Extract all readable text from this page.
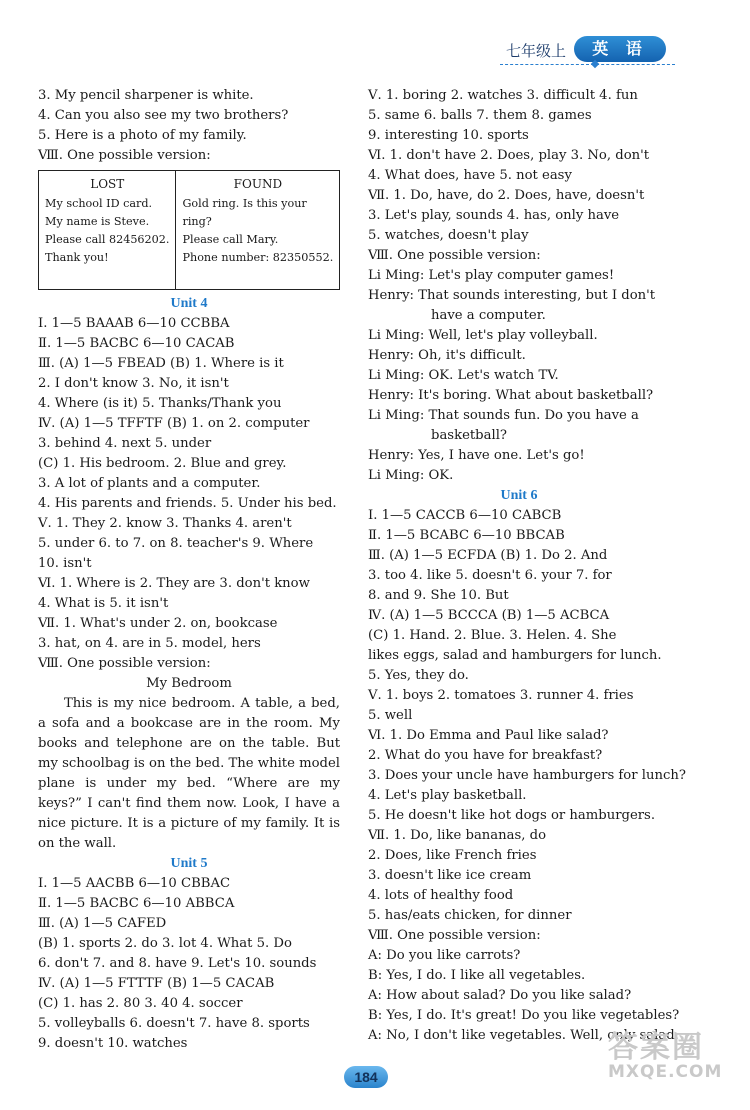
七年级上	英 语
3. My pencil sharpener is white.
4. Can you also see my two brothers?
5. Here is a photo of my family.
Ⅷ. One possible version:
LOST
My school ID card.
My name is Steve.
Please call 82456202.
Thank you!
FOUND
Gold ring. Is this your
ring?
Please call Mary.
Phone number: 82350552.
Unit 4
Ⅰ. 1—5 BAAAB 6—10 CCBBA
Ⅱ. 1—5 BACBC 6—10 CACAB
Ⅲ. (A) 1—5 FBEAD (B) 1. Where is it
2. I don't know 3. No, it isn't
4. Where (is it) 5. Thanks/Thank you
Ⅳ. (A) 1—5 TFFTF (B) 1. on 2. computer
3. behind 4. next 5. under
(C) 1. His bedroom. 2. Blue and grey.
3. A lot of plants and a computer.
4. His parents and friends. 5. Under his bed.
Ⅴ. 1. They 2. know 3. Thanks 4. aren't
5. under 6. to 7. on 8. teacher's 9. Where
10. isn't
Ⅵ. 1. Where is 2. They are 3. don't know
4. What is 5. it isn't
Ⅶ. 1. What's under 2. on, bookcase
3. hat, on 4. are in 5. model, hers
Ⅷ. One possible version:
My Bedroom

This is my nice bedroom. A table, a bed, a sofa and a bookcase are in the room. My books and telephone are on the table. But my schoolbag is on the bed. The white model plane is under my bed. “Where are my keys?” I can't find them now. Look, I have a nice picture. It is a picture of my family. It is on the wall.

Unit 5
Ⅰ. 1—5 AACBB 6—10 CBBAC
Ⅱ. 1—5 BACBC 6—10 ABBCA
Ⅲ. (A) 1—5 CAFED
(B) 1. sports 2. do 3. lot 4. What 5. Do
6. don't 7. and 8. have 9. Let's 10. sounds
Ⅳ. (A) 1—5 FTTTF (B) 1—5 CACAB
(C) 1. has 2. 80 3. 40 4. soccer
5. volleyballs 6. doesn't 7. have 8. sports
9. doesn't 10. watches
Ⅴ. 1. boring 2. watches 3. difficult 4. fun
5. same 6. balls 7. them 8. games
9. interesting 10. sports
Ⅵ. 1. don't have 2. Does, play 3. No, don't
4. What does, have 5. not easy
Ⅶ. 1. Do, have, do 2. Does, have, doesn't
3. Let's play, sounds 4. has, only have
5. watches, doesn't play
Ⅷ. One possible version:
Li Ming: Let's play computer games!
Henry: That sounds interesting, but I don't
have a computer.
Li Ming: Well, let's play volleyball.
Henry: Oh, it's difficult.
Li Ming: OK. Let's watch TV.
Henry: It's boring. What about basketball?
Li Ming: That sounds fun. Do you have a
basketball?
Henry: Yes, I have one. Let's go!
Li Ming: OK.
Unit 6
Ⅰ. 1—5 CACCB 6—10 CABCB
Ⅱ. 1—5 BCABC 6—10 BBCAB
Ⅲ. (A) 1—5 ECFDA (B) 1. Do 2. And
3. too 4. like 5. doesn't 6. your 7. for
8. and 9. She 10. But
Ⅳ. (A) 1—5 BCCCA (B) 1—5 ACBCA
(C) 1. Hand. 2. Blue. 3. Helen. 4. She
likes eggs, salad and hamburgers for lunch.
5. Yes, they do.
Ⅴ. 1. boys 2. tomatoes 3. runner 4. fries
5. well
Ⅵ. 1. Do Emma and Paul like salad?
2. What do you have for breakfast?
3. Does your uncle have hamburgers for lunch?
4. Let's play basketball.
5. He doesn't like hot dogs or hamburgers.
Ⅶ. 1. Do, like bananas, do
2. Does, like French fries
3. doesn't like ice cream
4. lots of healthy food
5. has/eats chicken, for dinner
Ⅷ. One possible version:
A: Do you like carrots?
B: Yes, I do. I like all vegetables.
A: How about salad? Do you like salad?
B: Yes, I do. It's great! Do you like vegetables?
A: No, I don't like vegetables. Well, only salad.
184
答案圈
MXQE.COM
